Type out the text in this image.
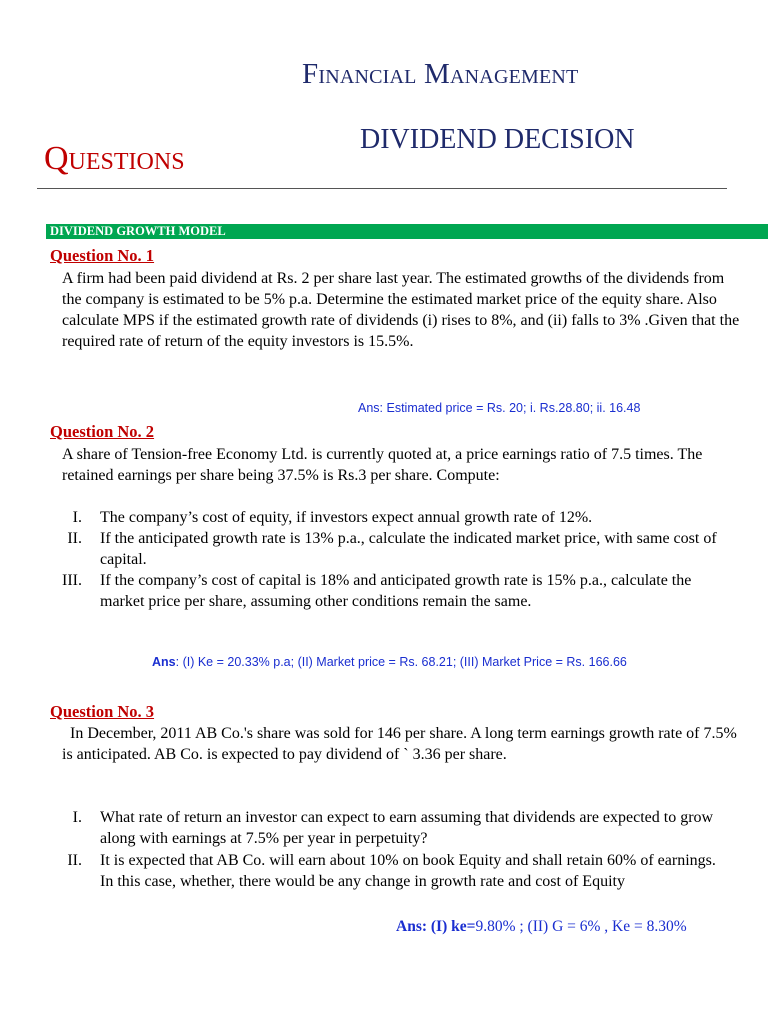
Financial Management
DIVIDEND DECISION
Questions
DIVIDEND GROWTH MODEL
Question No. 1

A firm had been paid dividend at Rs. 2 per share last year. The estimated growths of the dividends from the company is estimated to be 5% p.a. Determine the estimated market price of the equity share. Also calculate MPS if the estimated growth rate of dividends (i) rises to 8%, and (ii) falls to 3% .Given that the required rate of return of the equity investors is 15.5%.

Ans: Estimated price = Rs. 20; i. Rs.28.80; ii. 16.48
Question No. 2

A share of Tension-free Economy Ltd. is currently quoted at, a price earnings ratio of 7.5 times. The retained earnings per share being 37.5% is Rs.3 per share. Compute:

I. The company’s cost of equity, if investors expect annual growth rate of 12%.
II. If the anticipated growth rate is 13% p.a., calculate the indicated market price, with same cost of capital.
III. If the company’s cost of capital is 18% and anticipated growth rate is 15% p.a., calculate the market price per share, assuming other conditions remain the same.
Ans: (I) Ke = 20.33% p.a; (II) Market price = Rs. 68.21; (III) Market Price = Rs. 166.66
Question No. 3

In December, 2011 AB Co.'s share was sold for 146 per share. A long term earnings growth rate of 7.5% is anticipated. AB Co. is expected to pay dividend of ` 3.36 per share.

I. What rate of return an investor can expect to earn assuming that dividends are expected to grow along with earnings at 7.5% per year in perpetuity?
II. It is expected that AB Co. will earn about 10% on book Equity and shall retain 60% of earnings. In this case, whether, there would be any change in growth rate and cost of Equity
Ans: (I) ke=9.80% ; (II) G = 6% , Ke = 8.30%
